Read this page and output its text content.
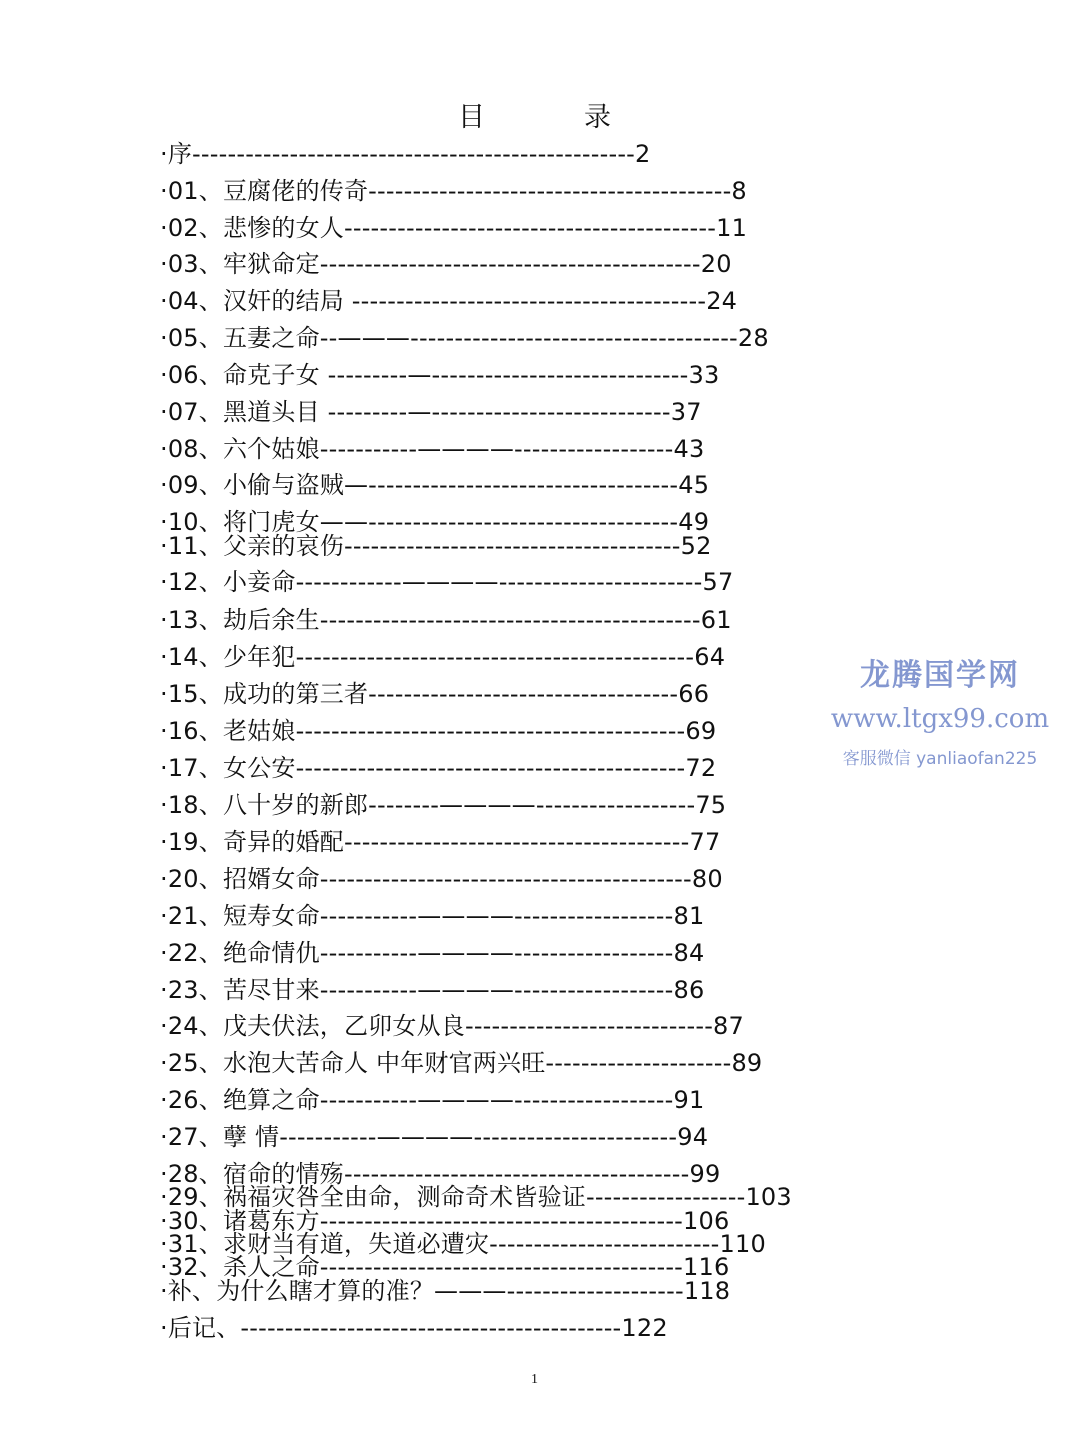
目　录
·序--------------------------------------------------2
·01、豆腐佬的传奇-----------------------------------------8
·02、悲惨的女人------------------------------------------11
·03、牢狱命定-------------------------------------------20
·04、汉奸的结局 ----------------------------------------24
·05、五妻之命--———-------------------------------------28
·06、命克子女 ---------—-----------------------------33
·07、黑道头目 ---------—---------------------------37
·08、六个姑娘-----------————------------------43
·09、小偷与盗贼—-----------------------------------45
·10、将门虎女——-----------------------------------49
·11、父亲的哀伤--------------------------------------52
·12、小妾命------------————-----------------------57
·13、劫后余生-------------------------------------------61
·14、少年犯---------------------------------------------64
·15、成功的第三者-----------------------------------66
·16、老姑娘--------------------------------------------69
·17、女公安--------------------------------------------72
·18、八十岁的新郎--------————------------------75
·19、奇异的婚配---------------------------------------77
·20、招婿女命------------------------------------------80
·21、短寿女命-----------————------------------81
·22、绝命情仇-----------————------------------84
·23、苦尽甘来-----------————------------------86
·24、戊夫伏法，乙卯女从良----------------------------87
·25、水泡大苦命人 中年财官两兴旺---------------------89
·26、绝算之命-----------————------------------91
·27、孽 情-----------————-----------------------94
·28、宿命的情殇---------------------------------------99
·29、祸福灾咎全由命，测命奇术皆验证------------------103
·30、诸葛东方-----------------------------------------106
·31、求财当有道，失道必遭灾--------------------------110
·32、杀人之命-----------------------------------------116
·补、为什么瞎才算的准？———--------------------118
·后记、-------------------------------------------122
龙腾国学网
www.ltgx99.com
客服微信 yanliaofan225
1
